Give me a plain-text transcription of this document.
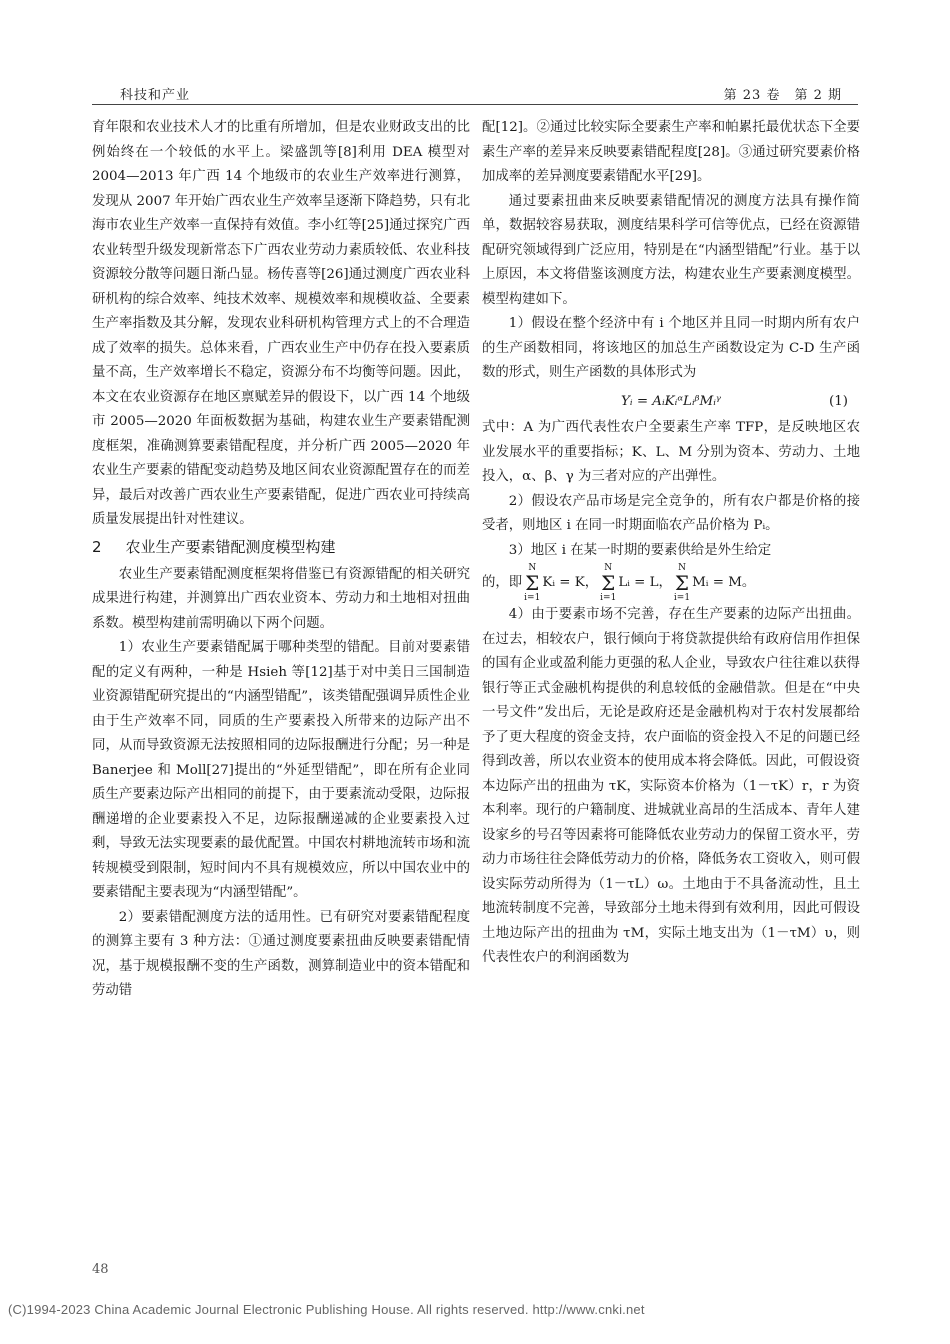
科技和产业	第 23 卷　第 2 期

育年限和农业技术人才的比重有所增加，但是农业财政支出的比例始终在一个较低的水平上。梁盛凯等[8]利用 DEA 模型对 2004—2013 年广西 14 个地级市的农业生产效率进行测算，发现从 2007 年开始广西农业生产效率呈逐渐下降趋势，只有北海市农业生产效率一直保持有效值。李小红等[25]通过探究广西农业转型升级发现新常态下广西农业劳动力素质较低、农业科技资源较分散等问题日渐凸显。杨传喜等[26]通过测度广西农业科研机构的综合效率、纯技术效率、规模效率和规模收益、全要素生产率指数及其分解，发现农业科研机构管理方式上的不合理造成了效率的损失。总体来看，广西农业生产中仍存在投入要素质量不高，生产效率增长不稳定，资源分布不均衡等问题。因此，本文在农业资源存在地区禀赋差异的假设下，以广西 14 个地级市 2005—2020 年面板数据为基础，构建农业生产要素错配测度框架，准确测算要素错配程度，并分析广西 2005—2020 年农业生产要素的错配变动趋势及地区间农业资源配置存在的而差异，最后对改善广西农业生产要素错配，促进广西农业可持续高质量发展提出针对性建议。

2 农业生产要素错配测度模型构建

农业生产要素错配测度框架将借鉴已有资源错配的相关研究成果进行构建，并测算出广西农业资本、劳动力和土地相对扭曲系数。模型构建前需明确以下两个问题。

1）农业生产要素错配属于哪种类型的错配。目前对要素错配的定义有两种，一种是 Hsieh 等[12]基于对中美日三国制造业资源错配研究提出的“内涵型错配”，该类错配强调异质性企业由于生产效率不同，同质的生产要素投入所带来的边际产出不同，从而导致资源无法按照相同的边际报酬进行分配；另一种是 Banerjee 和 Moll[27]提出的“外延型错配”，即在所有企业同质生产要素边际产出相同的前提下，由于要素流动受限，边际报酬递增的企业要素投入不足，边际报酬递减的企业要素投入过剩，导致无法实现要素的最优配置。中国农村耕地流转市场和流转规模受到限制，短时间内不具有规模效应，所以中国农业中的要素错配主要表现为“内涵型错配”。

2）要素错配测度方法的适用性。已有研究对要素错配程度的测算主要有 3 种方法：①通过测度要素扭曲反映要素错配情况，基于规模报酬不变的生产函数，测算制造业中的资本错配和劳动错

配[12]。②通过比较实际全要素生产率和帕累托最优状态下全要素生产率的差异来反映要素错配程度[28]。③通过研究要素价格加成率的差异测度要素错配水平[29]。

通过要素扭曲来反映要素错配情况的测度方法具有操作简单，数据较容易获取，测度结果科学可信等优点，已经在资源错配研究领域得到广泛应用，特别是在“内涵型错配”行业。基于以上原因，本文将借鉴该测度方法，构建农业生产要素测度模型。模型构建如下。

1）假设在整个经济中有 i 个地区并且同一时期内所有农户的生产函数相同，将该地区的加总生产函数设定为 C-D 生产函数的形式，则生产函数的具体形式为

Yᵢ = AᵢKᵢᵅLᵢᵝMᵢᵞ	(1)

式中：A 为广西代表性农户全要素生产率 TFP，是反映地区农业发展水平的重要指标；K、L、M 分别为资本、劳动力、土地投入，α、β、γ 为三者对应的产出弹性。

2）假设农产品市场是完全竞争的，所有农户都是价格的接受者，则地区 i 在同一时期面临农产品价格为 Pᵢ。

3）地区 i 在某一时期的要素供给是外生给定

的，即
N
Σ
i=1
Kᵢ = K，
N
Σ
i=1
Lᵢ = L，
N
Σ
i=1
Mᵢ = M。

4）由于要素市场不完善，存在生产要素的边际产出扭曲。在过去，相较农户，银行倾向于将贷款提供给有政府信用作担保的国有企业或盈利能力更强的私人企业，导致农户往往难以获得银行等正式金融机构提供的利息较低的金融借款。但是在“中央一号文件”发出后，无论是政府还是金融机构对于农村发展都给予了更大程度的资金支持，农户面临的资金投入不足的问题已经得到改善，所以农业资本的使用成本将会降低。因此，可假设资本边际产出的扭曲为 τK，实际资本价格为（1－τK）r，r 为资本利率。现行的户籍制度、进城就业高昂的生活成本、青年人建设家乡的号召等因素将可能降低农业劳动力的保留工资水平，劳动力市场往往会降低劳动力的价格，降低务农工资收入，则可假设实际劳动所得为（1－τL）ω。土地由于不具备流动性，且土地流转制度不完善，导致部分土地未得到有效利用，因此可假设土地边际产出的扭曲为 τM，实际土地支出为（1－τM）υ，则代表性农户的利润函数为

48
(C)1994-2023 China Academic Journal Electronic Publishing House. All rights reserved. http://www.cnki.net
